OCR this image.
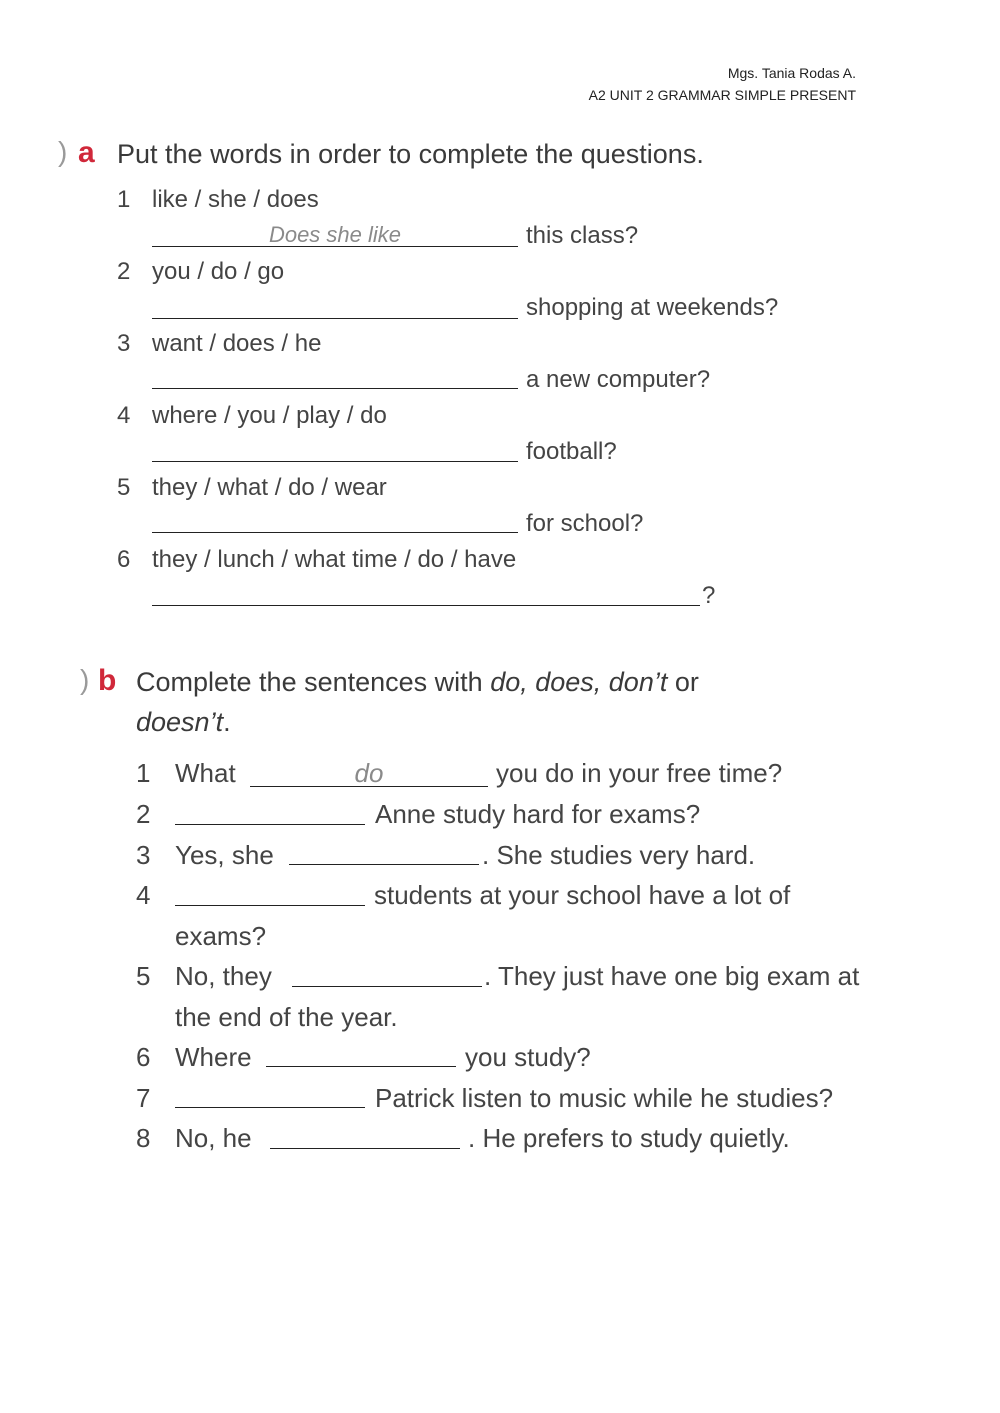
Mgs. Tania Rodas A.
A2 UNIT 2 GRAMMAR SIMPLE PRESENT
) a Put the words in order to complete the questions.
1 like / she / does
Does she like	this class?
2 you / do / go
shopping at weekends?
3 want / does / he
a new computer?
4 where / you / play / do
football?
5 they / what / do / wear
for school?
6 they / lunch / what time / do / have
?
) b Complete the sentences with do, does, don’t or
doesn’t.
1 What	do	you do in your free time?
2	Anne study hard for exams?
3 Yes, she	. She studies very hard.
4	students at your school have a lot of
exams?
5 No, they	. They just have one big exam at
the end of the year.
6 Where	you study?
7	Patrick listen to music while he studies?
8 No, he	. He prefers to study quietly.
